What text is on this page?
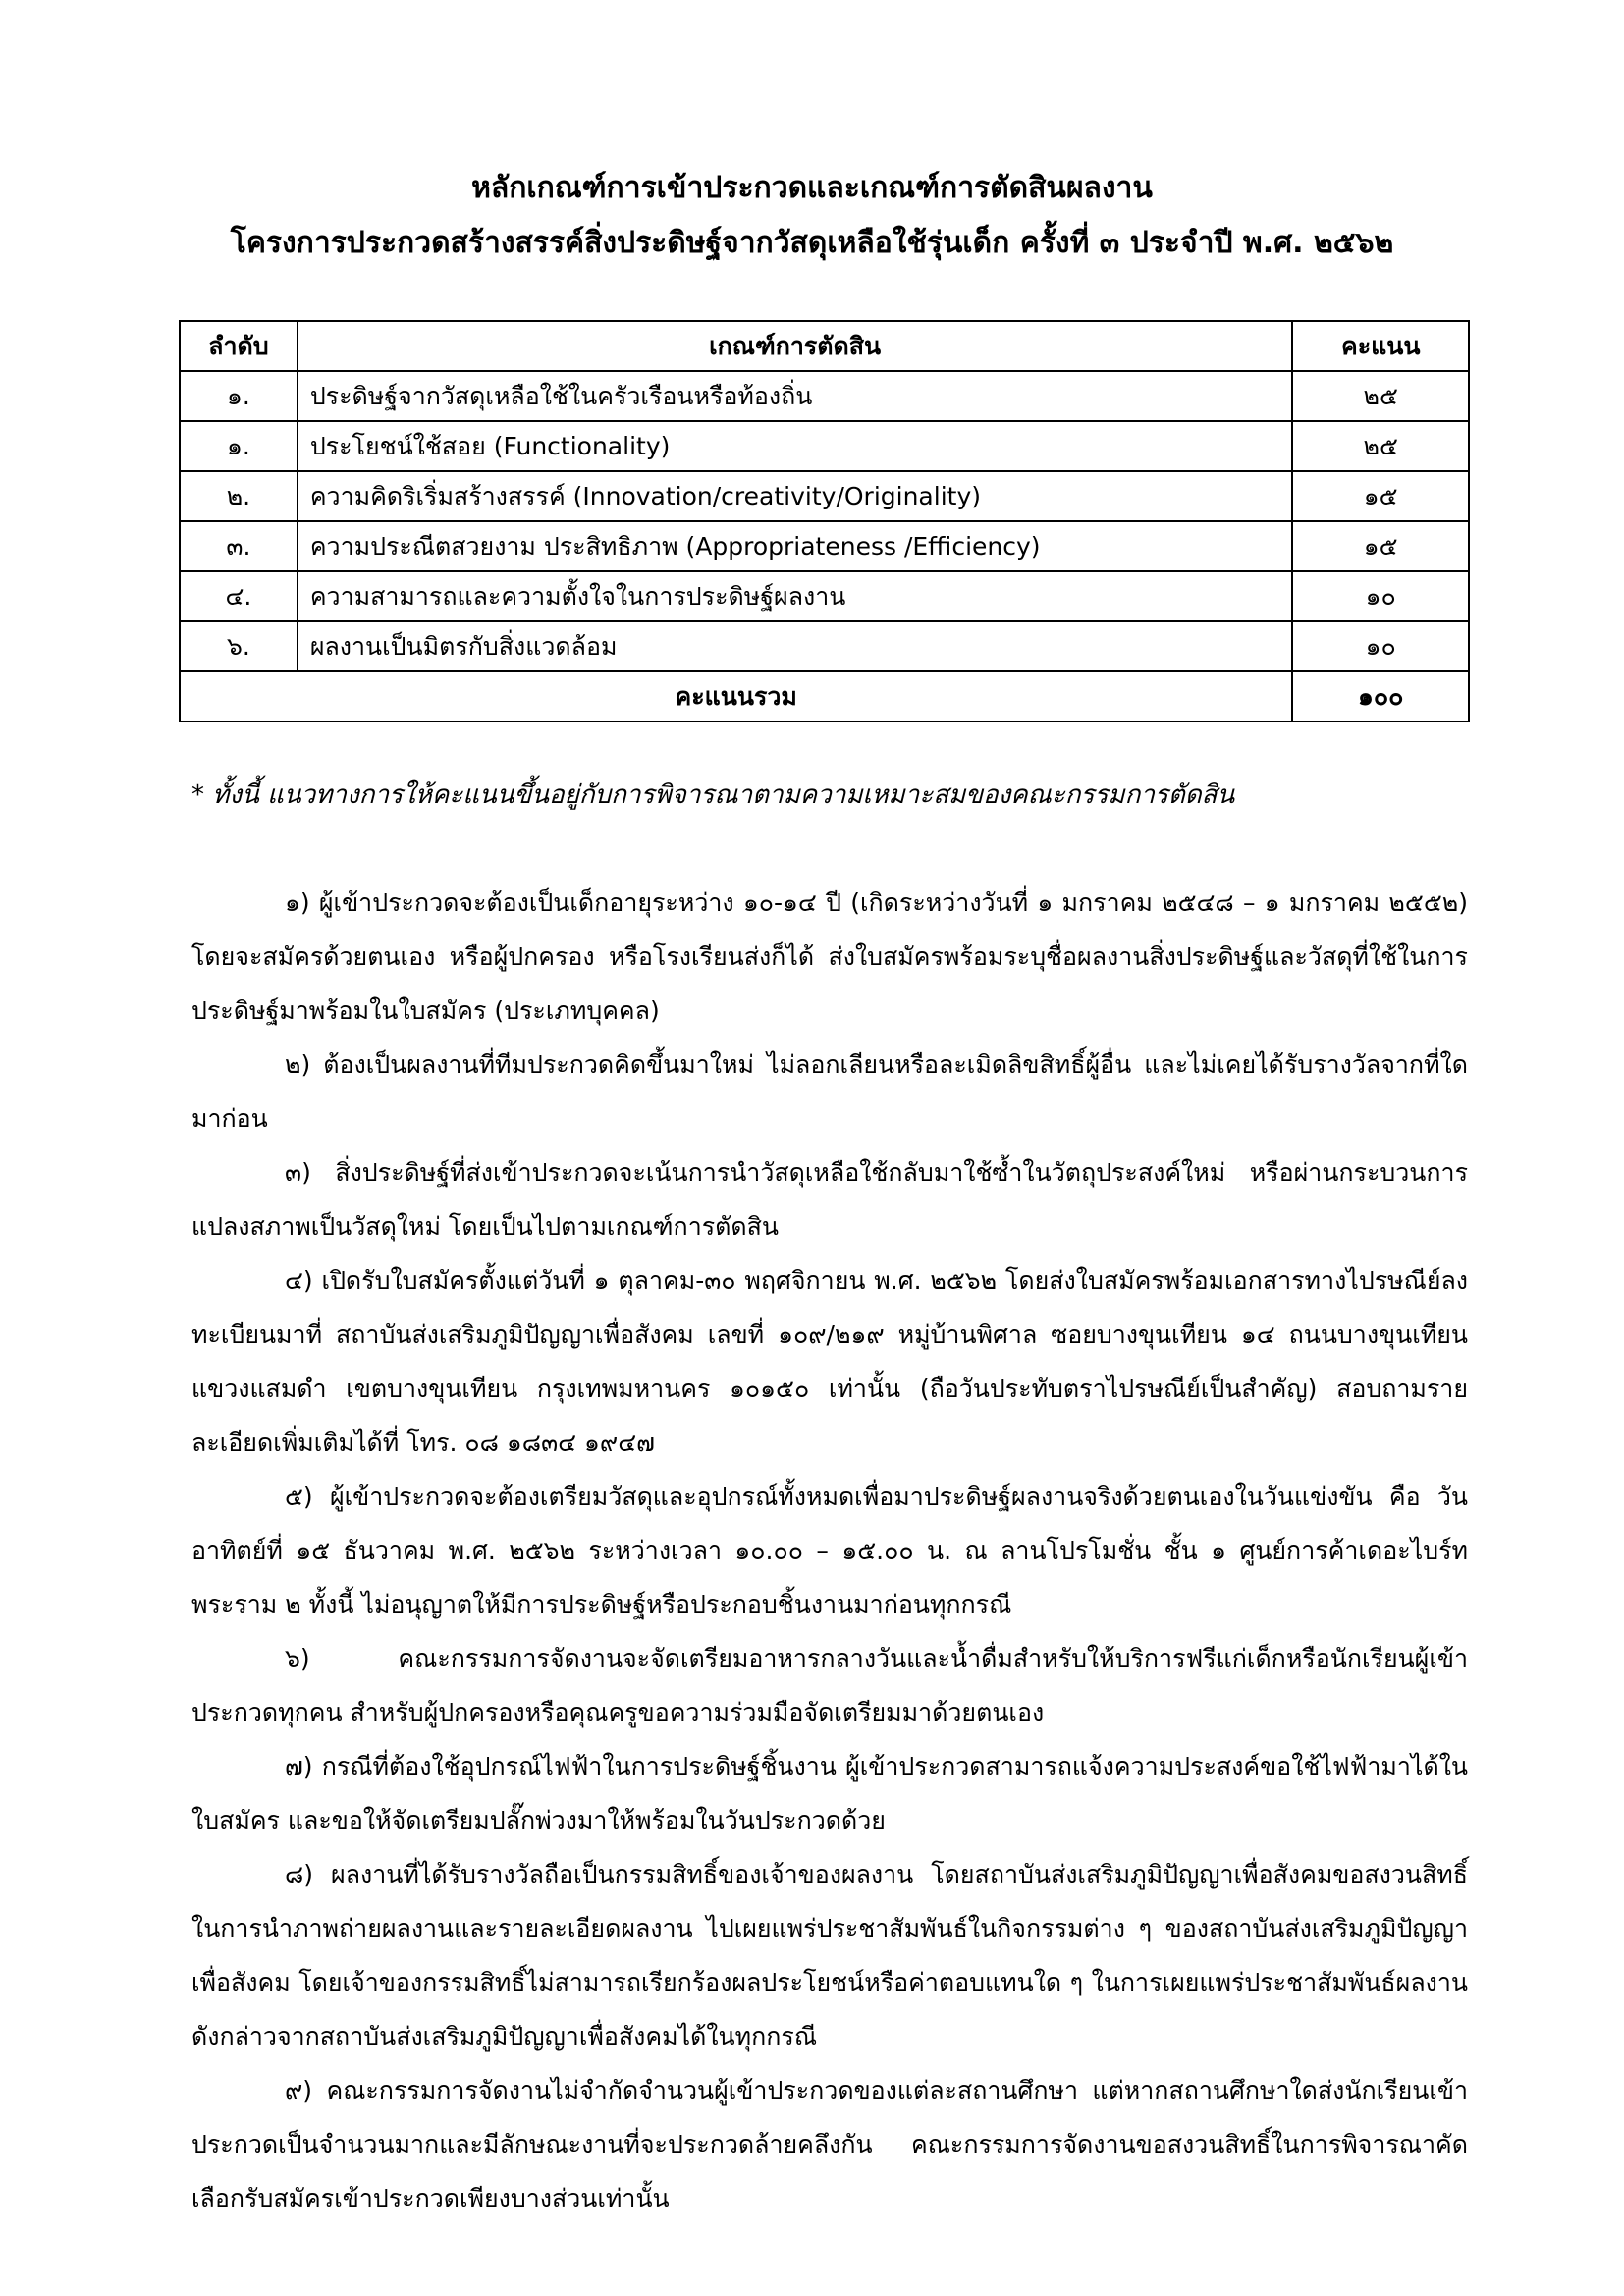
หลักเกณฑ์การเข้าประกวดและเกณฑ์การตัดสินผลงาน
โครงการประกวดสร้างสรรค์สิ่งประดิษฐ์จากวัสดุเหลือใช้รุ่นเด็ก ครั้งที่ ๓ ประจำปี พ.ศ. ๒๕๖๒
ลำดับ	เกณฑ์การตัดสิน	คะแนน
๑.	ประดิษฐ์จากวัสดุเหลือใช้ในครัวเรือนหรือท้องถิ่น	๒๕
๑.	ประโยชน์ใช้สอย (Functionality)	๒๕
๒.	ความคิดริเริ่มสร้างสรรค์ (Innovation/creativity/Originality)	๑๕
๓.	ความประณีตสวยงาม ประสิทธิภาพ (Appropriateness /Efficiency)	๑๕
๔.	ความสามารถและความตั้งใจในการประดิษฐ์ผลงาน	๑๐
๖.	ผลงานเป็นมิตรกับสิ่งแวดล้อม	๑๐
คะแนนรวม		๑๐๐
* ทั้งนี้ แนวทางการให้คะแนนขึ้นอยู่กับการพิจารณาตามความเหมาะสมของคณะกรรมการตัดสิน

๑) ผู้เข้าประกวดจะต้องเป็นเด็กอายุระหว่าง ๑๐-๑๔ ปี (เกิดระหว่างวันที่ ๑ มกราคม ๒๕๔๘ – ๑ มกราคม ๒๕๕๒) โดยจะสมัครด้วยตนเอง หรือผู้ปกครอง หรือโรงเรียนส่งก็ได้ ส่งใบสมัครพร้อมระบุชื่อผลงานสิ่งประดิษฐ์และวัสดุที่ใช้ในการประดิษฐ์มาพร้อมในใบสมัคร (ประเภทบุคคล)

๒) ต้องเป็นผลงานที่ทีมประกวดคิดขึ้นมาใหม่ ไม่ลอกเลียนหรือละเมิดลิขสิทธิ์ผู้อื่น และไม่เคยได้รับรางวัลจากที่ใดมาก่อน

๓) สิ่งประดิษฐ์ที่ส่งเข้าประกวดจะเน้นการนำวัสดุเหลือใช้กลับมาใช้ซ้ำในวัตถุประสงค์ใหม่ หรือผ่านกระบวนการแปลงสภาพเป็นวัสดุใหม่ โดยเป็นไปตามเกณฑ์การตัดสิน

๔) เปิดรับใบสมัครตั้งแต่วันที่ ๑ ตุลาคม-๓๐ พฤศจิกายน พ.ศ. ๒๕๖๒ โดยส่งใบสมัครพร้อมเอกสารทางไปรษณีย์ลงทะเบียนมาที่ สถาบันส่งเสริมภูมิปัญญาเพื่อสังคม เลขที่ ๑๐๙/๒๑๙ หมู่บ้านพิศาล ซอยบางขุนเทียน ๑๔ ถนนบางขุนเทียน แขวงแสมดำ เขตบางขุนเทียน กรุงเทพมหานคร ๑๐๑๕๐ เท่านั้น (ถือวันประทับตราไปรษณีย์เป็นสำคัญ) สอบถามรายละเอียดเพิ่มเติมได้ที่ โทร. ๐๘ ๑๘๓๔ ๑๙๔๗

๕) ผู้เข้าประกวดจะต้องเตรียมวัสดุและอุปกรณ์ทั้งหมดเพื่อมาประดิษฐ์ผลงานจริงด้วยตนเองในวันแข่งขัน คือ วันอาทิตย์ที่ ๑๕ ธันวาคม พ.ศ. ๒๕๖๒ ระหว่างเวลา ๑๐.๐๐ – ๑๕.๐๐ น. ณ ลานโปรโมชั่น ชั้น ๑ ศูนย์การค้าเดอะไบร์ท พระราม ๒ ทั้งนี้ ไม่อนุญาตให้มีการประดิษฐ์หรือประกอบชิ้นงานมาก่อนทุกกรณี

๖) คณะกรรมการจัดงานจะจัดเตรียมอาหารกลางวันและน้ำดื่มสำหรับให้บริการฟรีแก่เด็กหรือนักเรียนผู้เข้าประกวดทุกคน สำหรับผู้ปกครองหรือคุณครูขอความร่วมมือจัดเตรียมมาด้วยตนเอง

๗) กรณีที่ต้องใช้อุปกรณ์ไฟฟ้าในการประดิษฐ์ชิ้นงาน ผู้เข้าประกวดสามารถแจ้งความประสงค์ขอใช้ไฟฟ้ามาได้ในใบสมัคร และขอให้จัดเตรียมปลั๊กพ่วงมาให้พร้อมในวันประกวดด้วย

๘) ผลงานที่ได้รับรางวัลถือเป็นกรรมสิทธิ์ของเจ้าของผลงาน โดยสถาบันส่งเสริมภูมิปัญญาเพื่อสังคมขอสงวนสิทธิ์ในการนำภาพถ่ายผลงานและรายละเอียดผลงาน ไปเผยแพร่ประชาสัมพันธ์ในกิจกรรมต่าง ๆ ของสถาบันส่งเสริมภูมิปัญญาเพื่อสังคม โดยเจ้าของกรรมสิทธิ์ไม่สามารถเรียกร้องผลประโยชน์หรือค่าตอบแทนใด ๆ ในการเผยแพร่ประชาสัมพันธ์ผลงานดังกล่าวจากสถาบันส่งเสริมภูมิปัญญาเพื่อสังคมได้ในทุกกรณี

๙) คณะกรรมการจัดงานไม่จำกัดจำนวนผู้เข้าประกวดของแต่ละสถานศึกษา แต่หากสถานศึกษาใดส่งนักเรียนเข้าประกวดเป็นจำนวนมากและมีลักษณะงานที่จะประกวดล้ายคลึงกัน คณะกรรมการจัดงานขอสงวนสิทธิ์ในการพิจารณาคัดเลือกรับสมัครเข้าประกวดเพียงบางส่วนเท่านั้น
